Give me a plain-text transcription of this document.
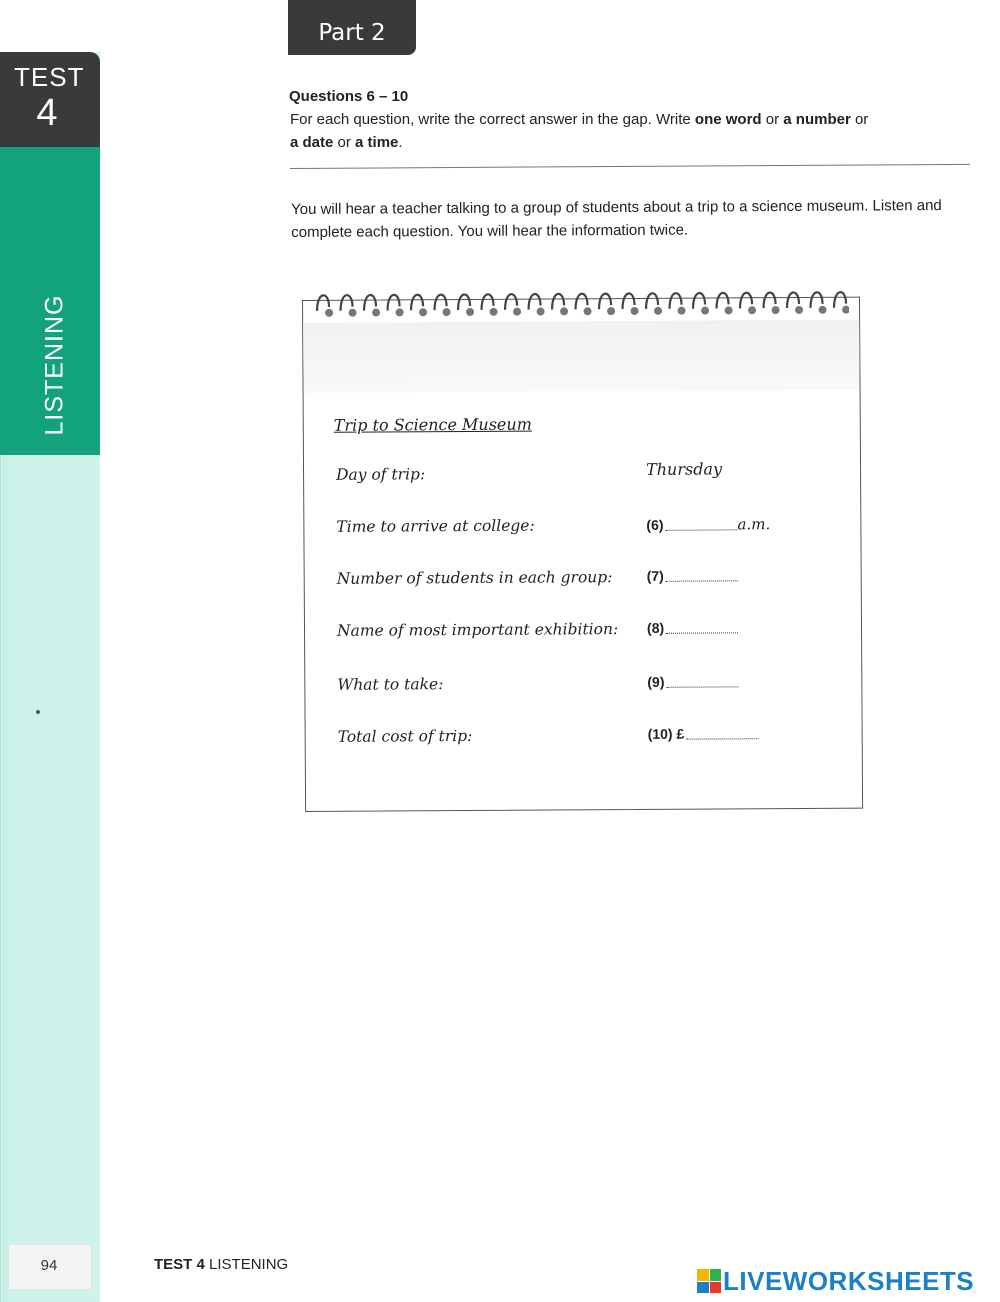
TEST
4
LISTENING
94
Part 2
Questions 6 – 10
For each question, write the correct answer in the gap. Write one word or a number or
a date or a time.
You will hear a teacher talking to a group of students about a trip to a science museum. Listen and complete each question. You will hear the information twice.
Trip to Science Museum
Day of trip:	Thursday
Time to arrive at college:	(6)	a.m.
Number of students in each group: (7)
Name of most important exhibition: (8)
What to take:	(9)
Total cost of trip:	(10) £
TEST 4 LISTENING
LIVEWORKSHEETS
